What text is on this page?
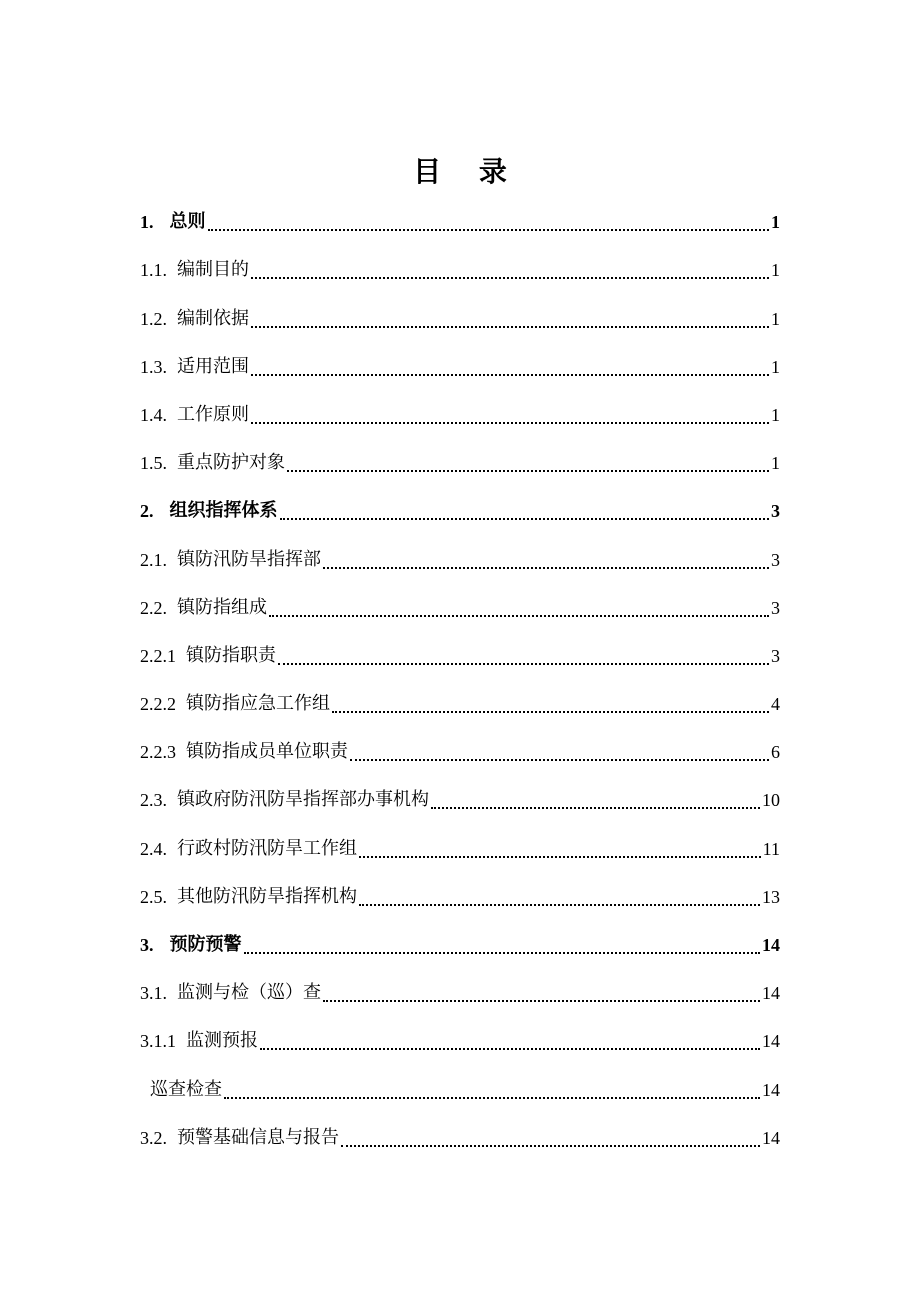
目 录
1. 总则	1
1.1. 编制目的	1
1.2. 编制依据	1
1.3. 适用范围	1
1.4. 工作原则	1
1.5. 重点防护对象	1
2. 组织指挥体系	3
2.1. 镇防汛防旱指挥部	3
2.2. 镇防指组成	3
2.2.1 镇防指职责	3
2.2.2 镇防指应急工作组	4
2.2.3 镇防指成员单位职责	6
2.3. 镇政府防汛防旱指挥部办事机构	10
2.4. 行政村防汛防旱工作组	11
2.5. 其他防汛防旱指挥机构	13
3. 预防预警	14
3.1. 监测与检（巡）查	14
3.1.1 监测预报	14
巡查检查	14
3.2. 预警基础信息与报告	14
